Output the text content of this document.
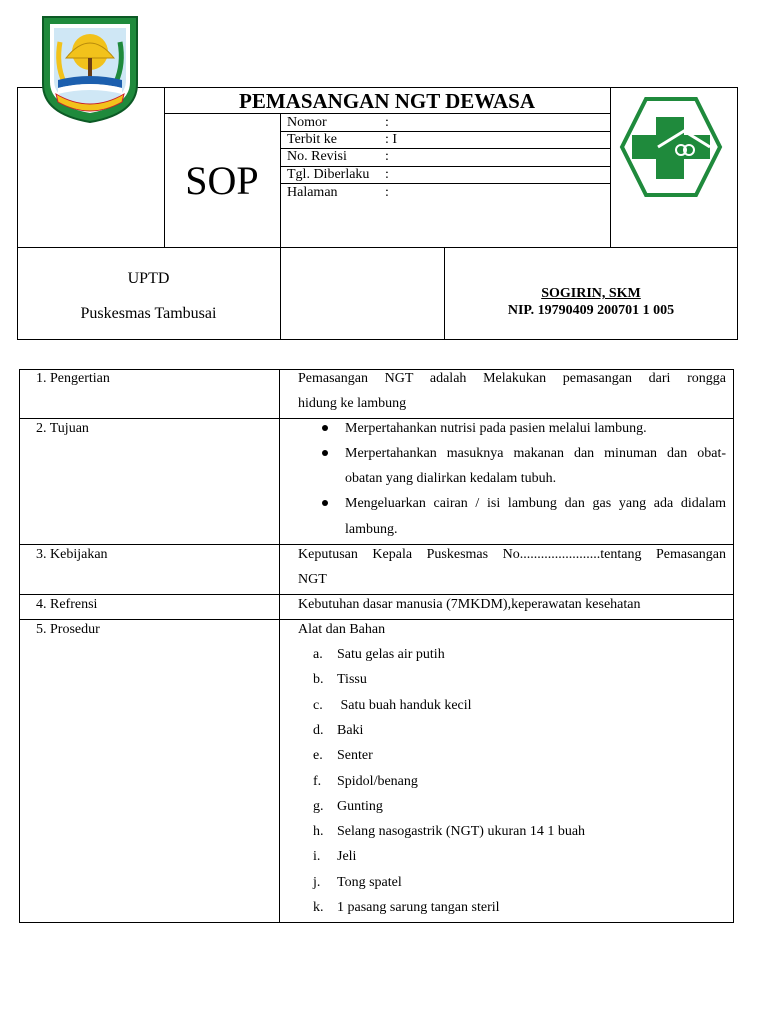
PEMASANGAN NGT DEWASA
SOP
Nomor	:
Terbit ke	: I
No. Revisi	:
Tgl. Diberlaku :
Halaman	:
UPTD
Puskesmas Tambusai
SOGIRIN, SKM
NIP. 19790409 200701 1 005
1. Pengertian	Pemasangan NGT adalah Melakukan pemasangan dari rongga
hidung ke lambung
2. Tujuan	Merpertahankan nutrisi pada pasien melalui lambung.
Merpertahankan masuknya makanan dan minuman dan obat-
obatan yang dialirkan kedalam tubuh.
Mengeluarkan cairan / isi lambung dan gas yang ada didalam
lambung.
3. Kebijakan	Keputusan Kepala Puskesmas No.......................tentang Pemasangan
NGT
4. Refrensi	Kebutuhan dasar manusia (7MKDM),keperawatan kesehatan
5. Prosedur	Alat dan Bahan
a. Satu gelas air putih
b. Tissu
c. Satu buah handuk kecil
d. Baki
e. Senter
f. Spidol/benang
g. Gunting
h. Selang nasogastrik (NGT) ukuran 14 1 buah
i. Jeli
j. Tong spatel
k. 1 pasang sarung tangan steril
